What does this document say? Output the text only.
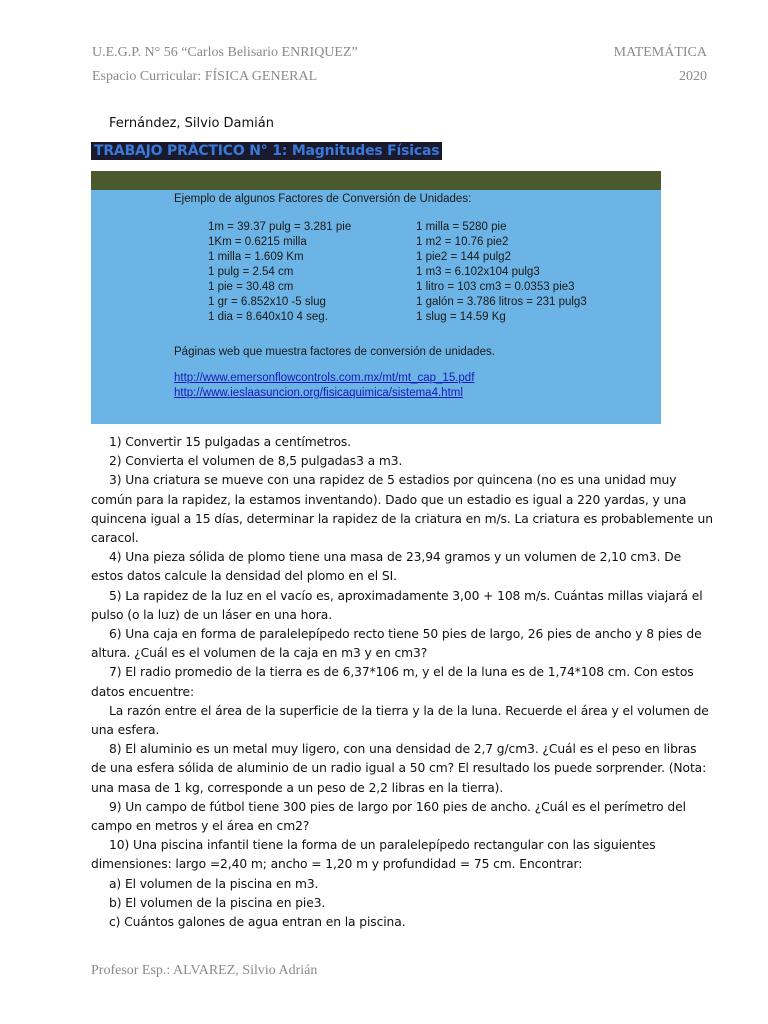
U.E.G.P. N° 56 “Carlos Belisario ENRIQUEZ”
Espacio Curricular: FÍSICA GENERAL
MATEMÁTICA
2020
Fernández, Silvio Damián
TRABAJO PRÁCTICO N° 1: Magnitudes Físicas
Ejemplo de algunos Factores de Conversión de Unidades:
1m = 39.37 pulg = 3.281 pie
1Km = 0.6215 milla
1 milla = 1.609 Km
1 pulg = 2.54 cm
1 pie = 30.48 cm
1 gr = 6.852x10 -5 slug
1 dia = 8.640x10 4 seg.
1 milla = 5280 pie
1 m2 = 10.76 pie2
1 pie2 = 144 pulg2
1 m3 = 6.102x104 pulg3
1 litro = 103 cm3 = 0.0353 pie3
1 galón = 3.786 litros = 231 pulg3
1 slug = 14.59 Kg
Páginas web que muestra factores de conversión de unidades.
http://www.emersonflowcontrols.com.mx/mt/mt_cap_15.pdf
http://www.ieslaasuncion.org/fisicaquimica/sistema4.html

1) Convertir 15 pulgadas a centímetros.

2) Convierta el volumen de 8,5 pulgadas3 a m3.

3) Una criatura se mueve con una rapidez de 5 estadios por quincena (no es una unidad muy común para la rapidez, la estamos inventando). Dado que un estadio es igual a 220 yardas, y una quincena igual a 15 días, determinar la rapidez de la criatura en m/s. La criatura es probablemente un caracol.

4) Una pieza sólida de plomo tiene una masa de 23,94 gramos y un volumen de 2,10 cm3. De estos datos calcule la densidad del plomo en el SI.

5) La rapidez de la luz en el vacío es, aproximadamente 3,00 + 108 m/s. Cuántas millas viajará el pulso (o la luz) de un láser en una hora.

6) Una caja en forma de paralelepípedo recto tiene 50 pies de largo, 26 pies de ancho y 8 pies de altura. ¿Cuál es el volumen de la caja en m3 y en cm3?

7) El radio promedio de la tierra es de 6,37*106 m, y el de la luna es de 1,74*108 cm. Con estos datos encuentre:

La razón entre el área de la superficie de la tierra y la de la luna. Recuerde el área y el volumen de una esfera.

8) El aluminio es un metal muy ligero, con una densidad de 2,7 g/cm3. ¿Cuál es el peso en libras de una esfera sólida de aluminio de un radio igual a 50 cm? El resultado los puede sorprender. (Nota: una masa de 1 kg, corresponde a un peso de 2,2 libras en la tierra).

9) Un campo de fútbol tiene 300 pies de largo por 160 pies de ancho. ¿Cuál es el perímetro del campo en metros y el área en cm2?

10) Una piscina infantil tiene la forma de un paralelepípedo rectangular con las siguientes dimensiones: largo =2,40 m; ancho = 1,20 m y profundidad = 75 cm. Encontrar:

a) El volumen de la piscina en m3.

b) El volumen de la piscina en pie3.

c) Cuántos galones de agua entran en la piscina.

Profesor Esp.: ALVAREZ, Silvio Adrián
